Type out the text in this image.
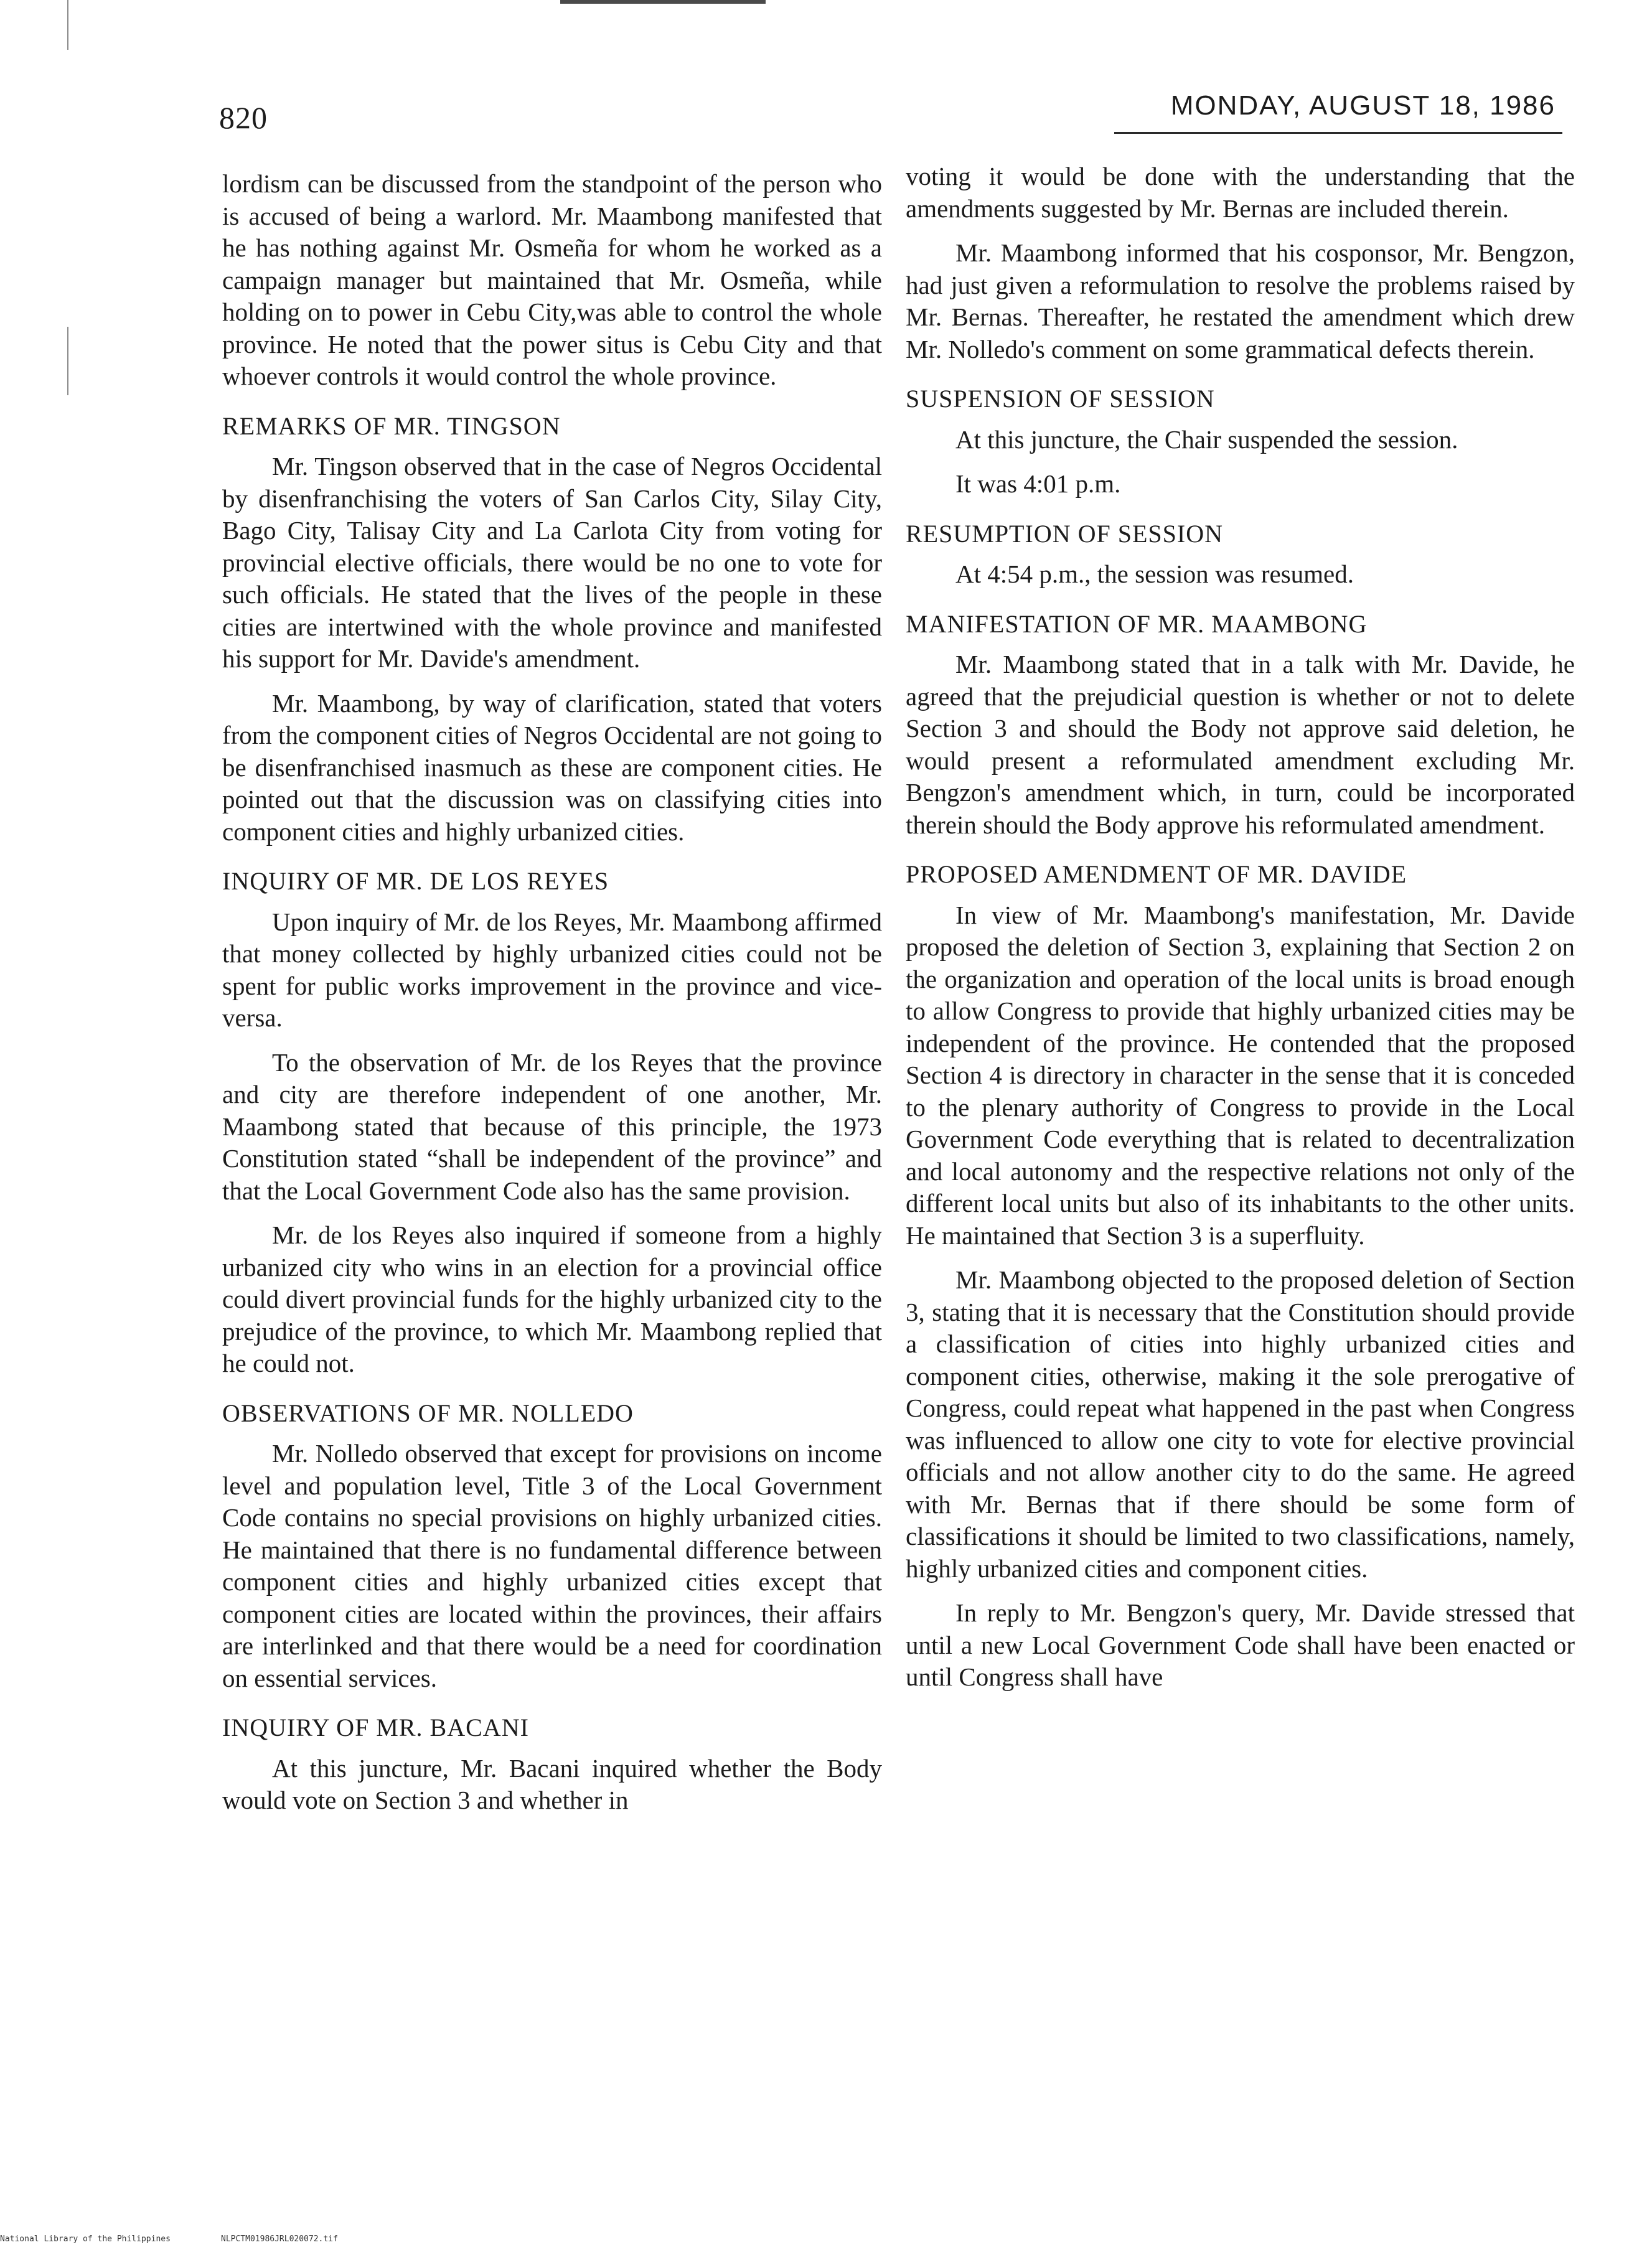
820	MONDAY, AUGUST 18, 1986

lordism can be discussed from the standpoint of the person who is accused of being a warlord. Mr. Maambong manifested that he has nothing against Mr. Osmeña for whom he worked as a campaign manager but maintained that Mr. Osmeña, while holding on to power in Cebu City,was able to control the whole province. He noted that the power situs is Cebu City and that whoever controls it would control the whole province.

REMARKS OF MR. TINGSON

Mr. Tingson observed that in the case of Negros Occidental by disenfranchising the voters of San Carlos City, Silay City, Bago City, Talisay City and La Carlota City from voting for provincial elective officials, there would be no one to vote for such officials. He stated that the lives of the people in these cities are intertwined with the whole province and manifested his support for Mr. Davide's amendment.

Mr. Maambong, by way of clarification, stated that voters from the component cities of Negros Occidental are not going to be disenfranchised inasmuch as these are component cities. He pointed out that the discussion was on classifying cities into component cities and highly urbanized cities.

INQUIRY OF MR. DE LOS REYES

Upon inquiry of Mr. de los Reyes, Mr. Maambong affirmed that money collected by highly urbanized cities could not be spent for public works improvement in the province and vice-versa.

To the observation of Mr. de los Reyes that the province and city are therefore independent of one another, Mr. Maambong stated that because of this principle, the 1973 Constitution stated “shall be independent of the province” and that the Local Government Code also has the same provision.

Mr. de los Reyes also inquired if someone from a highly urbanized city who wins in an election for a provincial office could divert provincial funds for the highly urbanized city to the prejudice of the province, to which Mr. Maambong replied that he could not.

OBSERVATIONS OF MR. NOLLEDO

Mr. Nolledo observed that except for provisions on income level and population level, Title 3 of the Local Government Code contains no special provisions on highly urbanized cities. He maintained that there is no fundamental difference between component cities and highly urbanized cities except that component cities are located within the provinces, their affairs are interlinked and that there would be a need for coordination on essential services.

INQUIRY OF MR. BACANI

At this juncture, Mr. Bacani inquired whether the Body would vote on Section 3 and whether in

voting it would be done with the understanding that the amendments suggested by Mr. Bernas are included therein.

Mr. Maambong informed that his cosponsor, Mr. Bengzon, had just given a reformulation to resolve the problems raised by Mr. Bernas. Thereafter, he restated the amendment which drew Mr. Nolledo's comment on some grammatical defects therein.

SUSPENSION OF SESSION

At this juncture, the Chair suspended the session.

It was 4:01 p.m.

RESUMPTION OF SESSION

At 4:54 p.m., the session was resumed.

MANIFESTATION OF MR. MAAMBONG

Mr. Maambong stated that in a talk with Mr. Davide, he agreed that the prejudicial question is whether or not to delete Section 3 and should the Body not approve said deletion, he would present a reformulated amendment excluding Mr. Bengzon's amendment which, in turn, could be incorporated therein should the Body approve his reformulated amendment.

PROPOSED AMENDMENT OF MR. DAVIDE

In view of Mr. Maambong's manifestation, Mr. Davide proposed the deletion of Section 3, explaining that Section 2 on the organization and operation of the local units is broad enough to allow Congress to provide that highly urbanized cities may be independent of the province. He contended that the proposed Section 4 is directory in character in the sense that it is conceded to the plenary authority of Congress to provide in the Local Government Code everything that is related to decentralization and local autonomy and the respective relations not only of the different local units but also of its inhabitants to the other units. He maintained that Section 3 is a superfluity.

Mr. Maambong objected to the proposed deletion of Section 3, stating that it is necessary that the Constitution should provide a classification of cities into highly urbanized cities and component cities, otherwise, making it the sole prerogative of Congress, could repeat what happened in the past when Congress was influenced to allow one city to vote for elective provincial officials and not allow another city to do the same. He agreed with Mr. Bernas that if there should be some form of classifications it should be limited to two classifications, namely, highly urbanized cities and component cities.

In reply to Mr. Bengzon's query, Mr. Davide stressed that until a new Local Government Code shall have been enacted or until Congress shall have

National Library of the Philippines	NLPCTM01986JRL020072.tif
